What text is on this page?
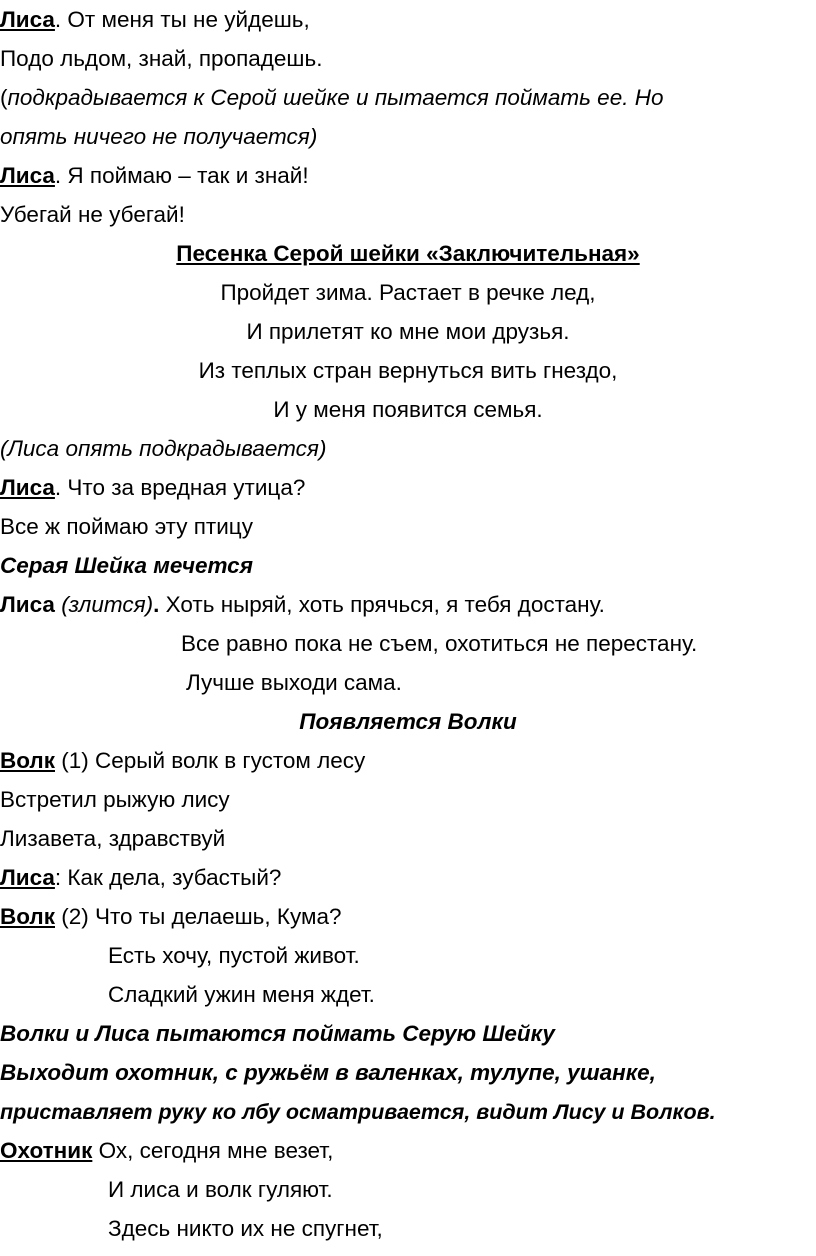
Лиса. От меня ты не уйдешь,
Подо льдом, знай, пропадешь.
(подкрадывается к Серой шейке и пытается поймать ее. Но
опять ничего не получается)
Лиса. Я поймаю – так и знай!
Убегай не убегай!
Песенка Серой шейки «Заключительная»
Пройдет зима. Растает в речке лед,
И прилетят ко мне мои друзья.
Из теплых стран вернуться вить гнездо,
И у меня появится семья.
(Лиса опять подкрадывается)
Лиса. Что за вредная утица?
Все ж поймаю эту птицу
Серая Шейка мечется
Лиса (злится). Хоть ныряй, хоть прячься, я тебя достану.
Все равно пока не съем, охотиться не перестану.
Лучше выходи сама.
Появляется Волки
Волк (1) Серый волк в густом лесу
Встретил рыжую лису
Лизавета, здравствуй
Лиса: Как дела, зубастый?
Волк (2) Что ты делаешь, Кума?
Есть хочу, пустой живот.
Сладкий ужин меня ждет.
Волки и Лиса пытаются поймать Серую Шейку
Выходит охотник, с ружьём в валенках, тулупе, ушанке,
приставляет руку ко лбу осматривается, видит Лису и Волков.
Охотник Ох, сегодня мне везет,
И лиса и волк гуляют.
Здесь никто их не спугнет,
